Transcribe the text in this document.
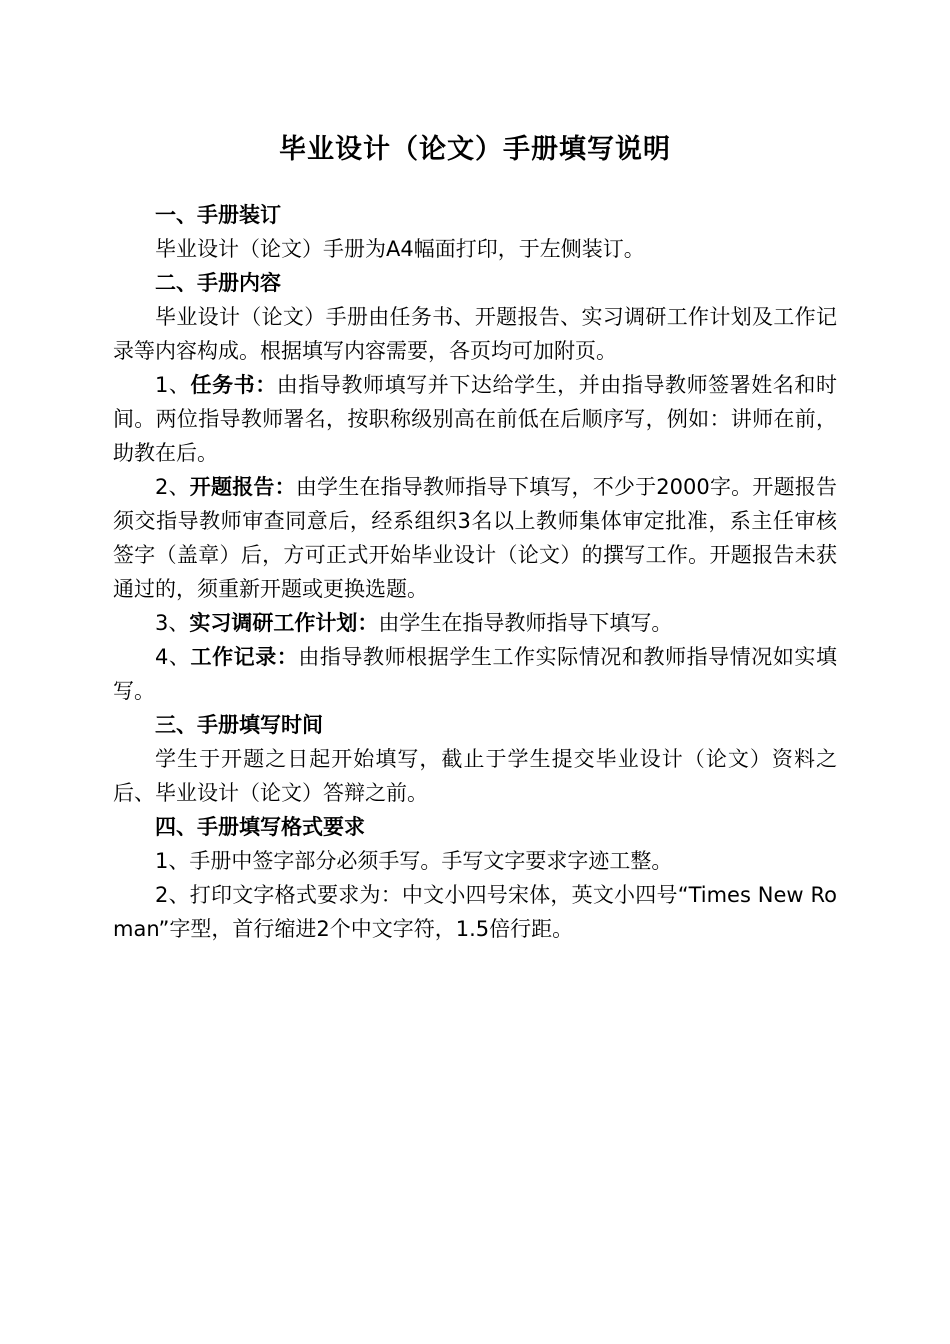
毕业设计（论文）手册填写说明

一、手册装订

毕业设计（论文）手册为A4幅面打印，于左侧装订。

二、手册内容

毕业设计（论文）手册由任务书、开题报告、实习调研工作计划及工作记录等内容构成。根据填写内容需要，各页均可加附页。

1、任务书：由指导教师填写并下达给学生，并由指导教师签署姓名和时间。两位指导教师署名，按职称级别高在前低在后顺序写，例如：讲师在前，助教在后。

2、开题报告：由学生在指导教师指导下填写，不少于2000字。开题报告须交指导教师审查同意后，经系组织3名以上教师集体审定批准，系主任审核签字（盖章）后，方可正式开始毕业设计（论文）的撰写工作。开题报告未获通过的，须重新开题或更换选题。

3、实习调研工作计划：由学生在指导教师指导下填写。

4、工作记录：由指导教师根据学生工作实际情况和教师指导情况如实填写。

三、手册填写时间

学生于开题之日起开始填写，截止于学生提交毕业设计（论文）资料之后、毕业设计（论文）答辩之前。

四、手册填写格式要求

1、手册中签字部分必须手写。手写文字要求字迹工整。

2、打印文字格式要求为：中文小四号宋体，英文小四号“Times New Roman”字型，首行缩进2个中文字符，1.5倍行距。
